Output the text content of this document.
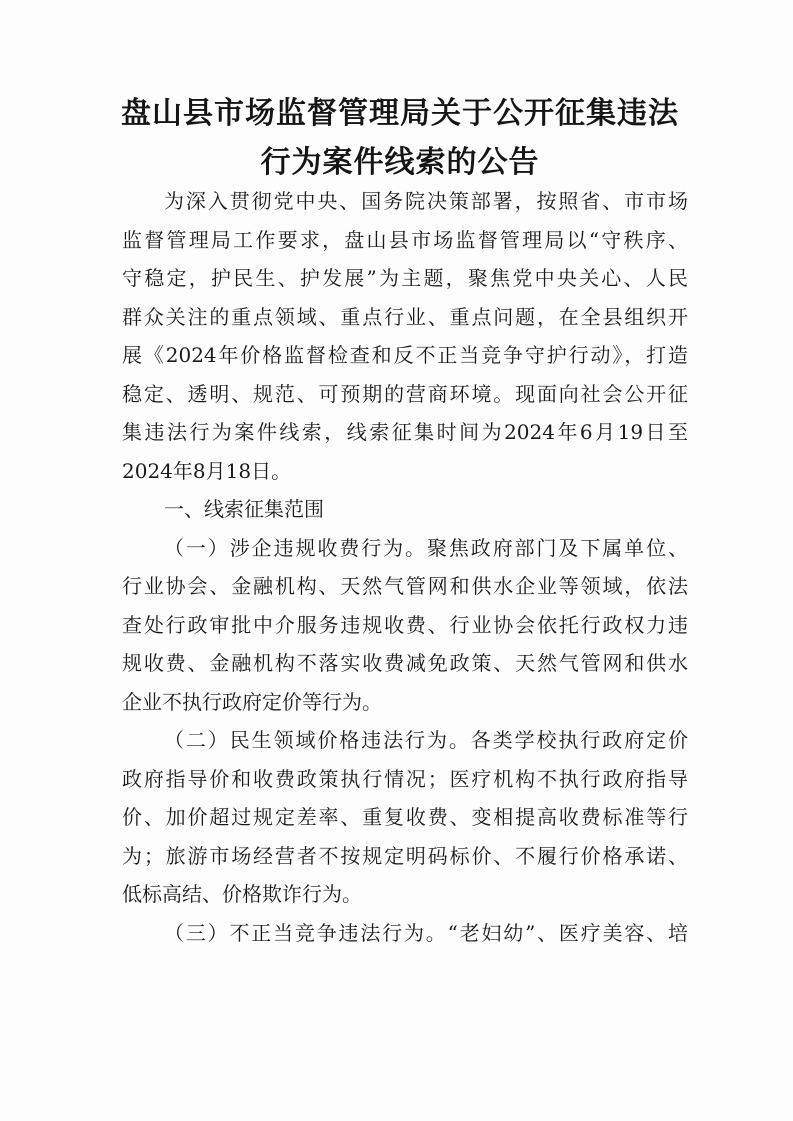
盘山县市场监督管理局关于公开征集违法
行为案件线索的公告
为深入贯彻党中央、国务院决策部署，按照省、市市场
监督管理局工作要求，盘山县市场监督管理局以“守秩序、
守稳定，护民生、护发展”为主题，聚焦党中央关心、人民
群众关注的重点领域、重点行业、重点问题，在全县组织开
展《2024年价格监督检查和反不正当竞争守护行动》，打造
稳定、透明、规范、可预期的营商环境。现面向社会公开征
集违法行为案件线索，线索征集时间为2024年6月19日至
2024年8月18日。
一、线索征集范围
（一）涉企违规收费行为。聚焦政府部门及下属单位、
行业协会、金融机构、天然气管网和供水企业等领域，依法
查处行政审批中介服务违规收费、行业协会依托行政权力违
规收费、金融机构不落实收费减免政策、天然气管网和供水
企业不执行政府定价等行为。
（二）民生领域价格违法行为。各类学校执行政府定价
政府指导价和收费政策执行情况；医疗机构不执行政府指导
价、加价超过规定差率、重复收费、变相提高收费标准等行
为；旅游市场经营者不按规定明码标价、不履行价格承诺、
低标高结、价格欺诈行为。
（三）不正当竞争违法行为。“老妇幼”、医疗美容、培
